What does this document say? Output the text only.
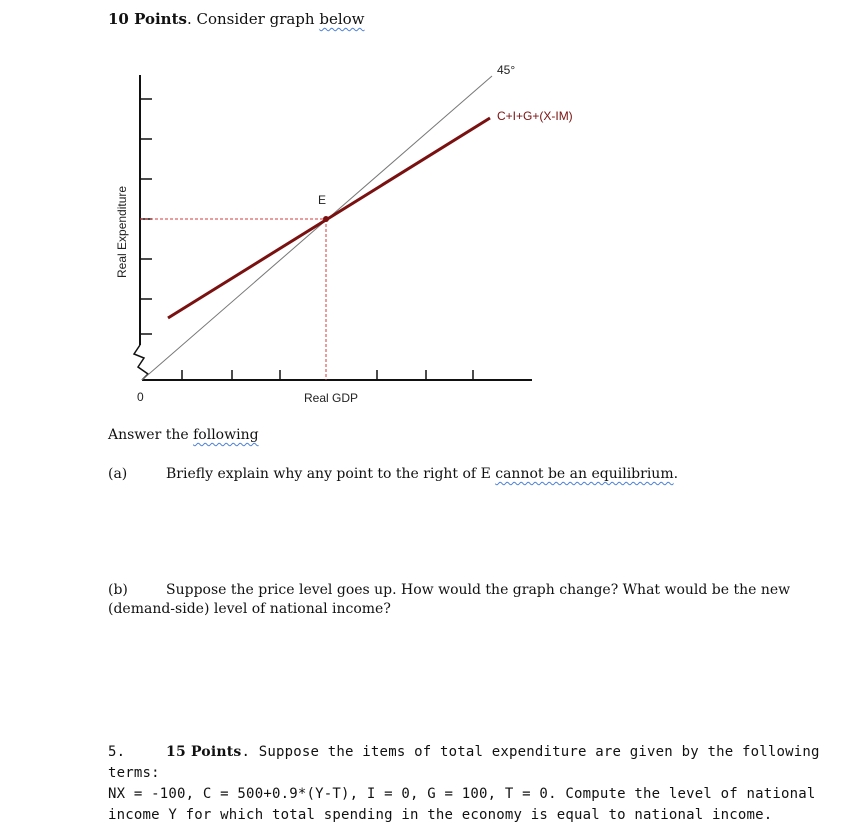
10 Points. Consider graph below
E
45°
C+I+G+(X-IM)
0	Real GDP
Real Expenditure
Answer the following
(a)	Briefly explain why any point to the right of E cannot be an equilibrium.
(b)	Suppose the price level goes up. How would the graph change? What would be the new (demand-side) level of national income?
5.	15 Points. Suppose the items of total expenditure are given by the following terms:
NX = -100, C = 500+0.9*(Y-T), I = 0, G = 100, T = 0. Compute the level of national
income Y for which total spending in the economy is equal to national income.
